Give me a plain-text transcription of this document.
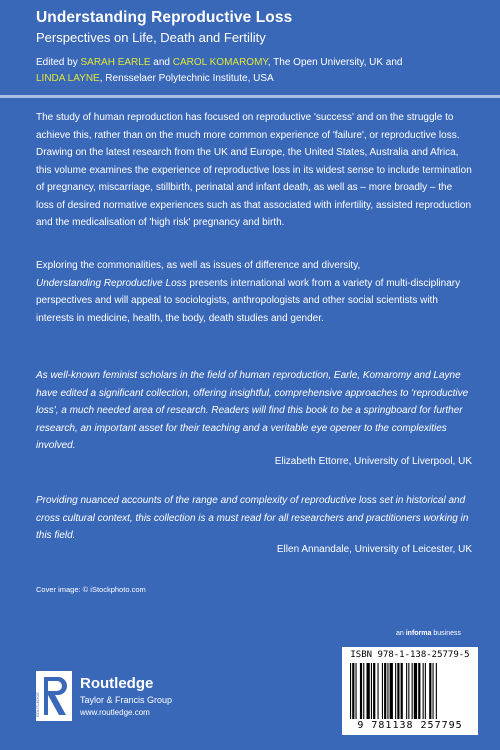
Understanding Reproductive Loss
Perspectives on Life, Death and Fertility
Edited by SARAH EARLE and CAROL KOMAROMY, The Open University, UK and
LINDA LAYNE, Rensselaer Polytechnic Institute, USA
The study of human reproduction has focused on reproductive 'success' and on the struggle to achieve this, rather than on the much more common experience of 'failure', or reproductive loss. Drawing on the latest research from the UK and Europe, the United States, Australia and Africa, this volume examines the experience of reproductive loss in its widest sense to include termination of pregnancy, miscarriage, stillbirth, perinatal and infant death, as well as – more broadly – the loss of desired normative experiences such as that associated with infertility, assisted reproduction and the medicalisation of 'high risk' pregnancy and birth.
Exploring the commonalities, as well as issues of difference and diversity,
Understanding Reproductive Loss presents international work from a variety of multi-disciplinary perspectives and will appeal to sociologists, anthropologists and other social scientists with interests in medicine, health, the body, death studies and gender.
As well-known feminist scholars in the field of human reproduction, Earle, Komaromy and Layne have edited a significant collection, offering insightful, comprehensive approaches to 'reproductive loss', a much needed area of research. Readers will find this book to be a springboard for further research, an important asset for their teaching and a veritable eye opener to the complexities involved.
Elizabeth Ettorre, University of Liverpool, UK
Providing nuanced accounts of the range and complexity of reproductive loss set in historical and cross cultural context, this collection is a must read for all researchers and practitioners working in this field.
Ellen Annandale, University of Leicester, UK
Cover image: © iStockphoto.com
an informa business
ROUTLEDGE
Routledge
Taylor & Francis Group
www.routledge.com
ISBN 978-1-138-25779-5
9 781138 257795
